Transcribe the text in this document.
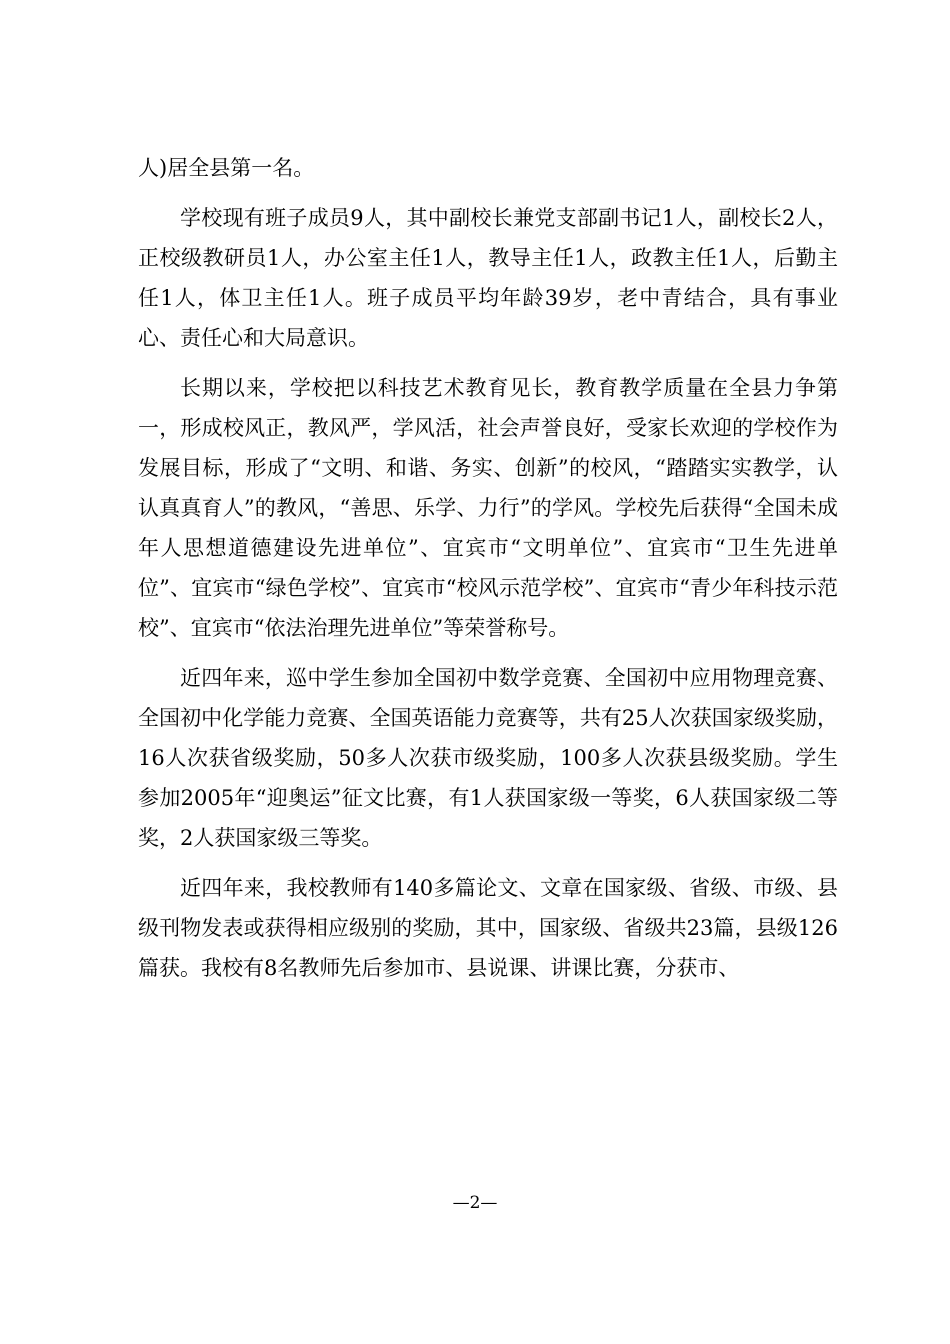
人)居全县第一名。

学校现有班子成员9人，其中副校长兼党支部副书记1人，副校长2人，正校级教研员1人，办公室主任1人，教导主任1人，政教主任1人，后勤主任1人，体卫主任1人。班子成员平均年龄39岁，老中青结合，具有事业心、责任心和大局意识。

长期以来，学校把以科技艺术教育见长，教育教学质量在全县力争第一，形成校风正，教风严，学风活，社会声誉良好，受家长欢迎的学校作为发展目标，形成了“文明、和谐、务实、创新”的校风，“踏踏实实教学，认认真真育人”的教风，“善思、乐学、力行”的学风。学校先后获得“全国未成年人思想道德建设先进单位”、宜宾市“文明单位”、宜宾市“卫生先进单位”、宜宾市“绿色学校”、宜宾市“校风示范学校”、宜宾市“青少年科技示范校”、宜宾市“依法治理先进单位”等荣誉称号。

近四年来，巡中学生参加全国初中数学竞赛、全国初中应用物理竞赛、全国初中化学能力竞赛、全国英语能力竞赛等，共有25人次获国家级奖励，16人次获省级奖励，50多人次获市级奖励，100多人次获县级奖励。学生参加2005年“迎奥运”征文比赛，有1人获国家级一等奖，6人获国家级二等奖，2人获国家级三等奖。

近四年来，我校教师有140多篇论文、文章在国家级、省级、市级、县级刊物发表或获得相应级别的奖励，其中，国家级、省级共23篇，县级126篇获。我校有8名教师先后参加市、县说课、讲课比赛，分获市、

—2—
